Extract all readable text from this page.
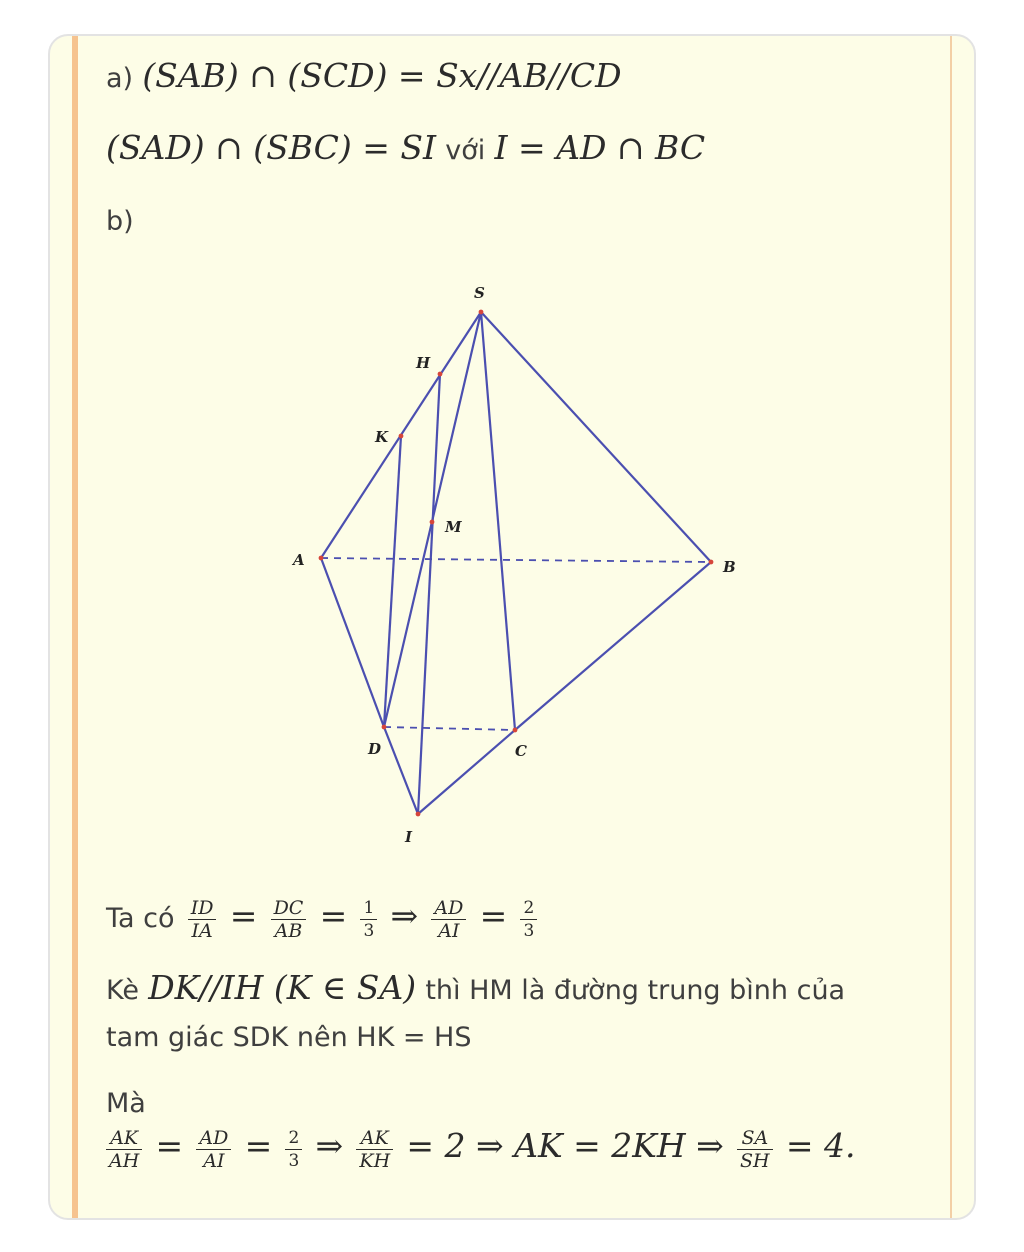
a) (SAB) ∩ (SCD) = Sx//AB//CD
(SAD) ∩ (SBC) = SI với I = AD ∩ BC
b)
S
H
K
M
A	B
D	C
I
Ta có $\frac{ID}{IA} = \frac{DC}{AB} = \frac{1}{3}$ ⇒ $\frac{AD}{AI} = \frac{2}{3}$
Kè DK//IH (K ∈ SA) thì HM là đường trung bình của
tam giác SDK nên HK = HS
Mà
$\frac{AK}{AH} = \frac{AD}{AI} = \frac{2}{3}$ ⇒ $\frac{AK}{KH} = 2$ ⇒ AK = 2KH ⇒ $\frac{SA}{SH} = 4$.
